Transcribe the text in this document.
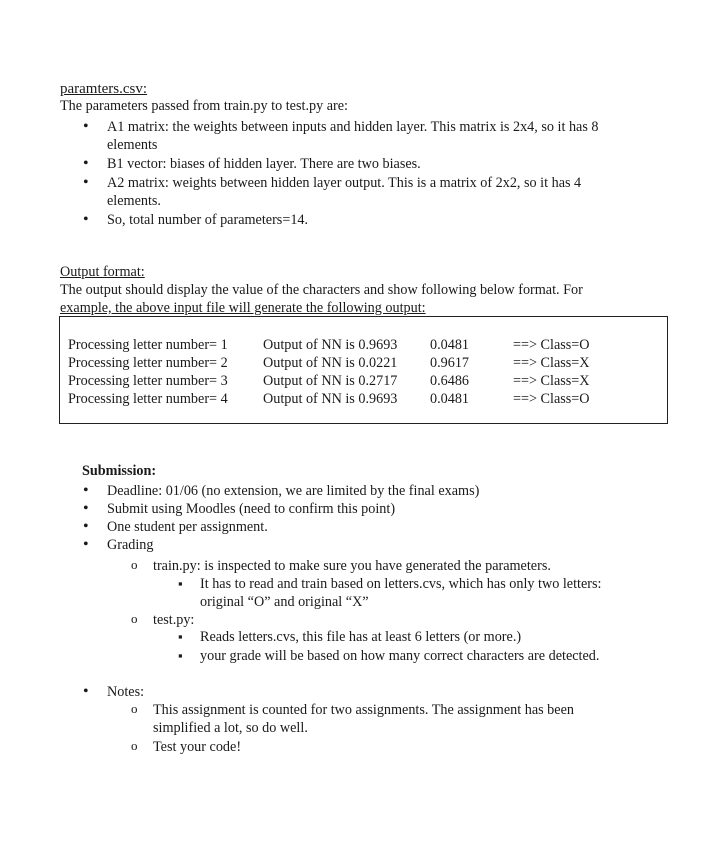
paramters.csv:

The parameters passed from train.py to test.py are:

• A1 matrix: the weights between inputs and hidden layer. This matrix is 2x4, so it has 8
elements
• B1 vector: biases of hidden layer. There are two biases.
• A2 matrix: weights between hidden layer output. This is a matrix of 2x2, so it has 4
elements.
• So, total number of parameters=14.
Output format:

The output should display the value of the characters and show following below format. For
example, the above input file will generate the following output:

Processing letter number= 1 Output of NN is 0.9693 0.0481	==> Class=O
Processing letter number= 2 Output of NN is 0.0221 0.9617	==> Class=X
Processing letter number= 3 Output of NN is 0.2717 0.6486	==> Class=X
Processing letter number= 4 Output of NN is 0.9693 0.0481	==> Class=O
Submission:
• Deadline: 01/06 (no extension, we are limited by the final exams)
• Submit using Moodles (need to confirm this point)
• One student per assignment.
• Grading
o train.py: is inspected to make sure you have generated the parameters.
▪ It has to read and train based on letters.cvs, which has only two letters:
original “O” and original “X”
o test.py:
▪ Reads letters.cvs, this file has at least 6 letters (or more.)
▪ your grade will be based on how many correct characters are detected.
• Notes:
o This assignment is counted for two assignments. The assignment has been
simplified a lot, so do well.
o Test your code!
